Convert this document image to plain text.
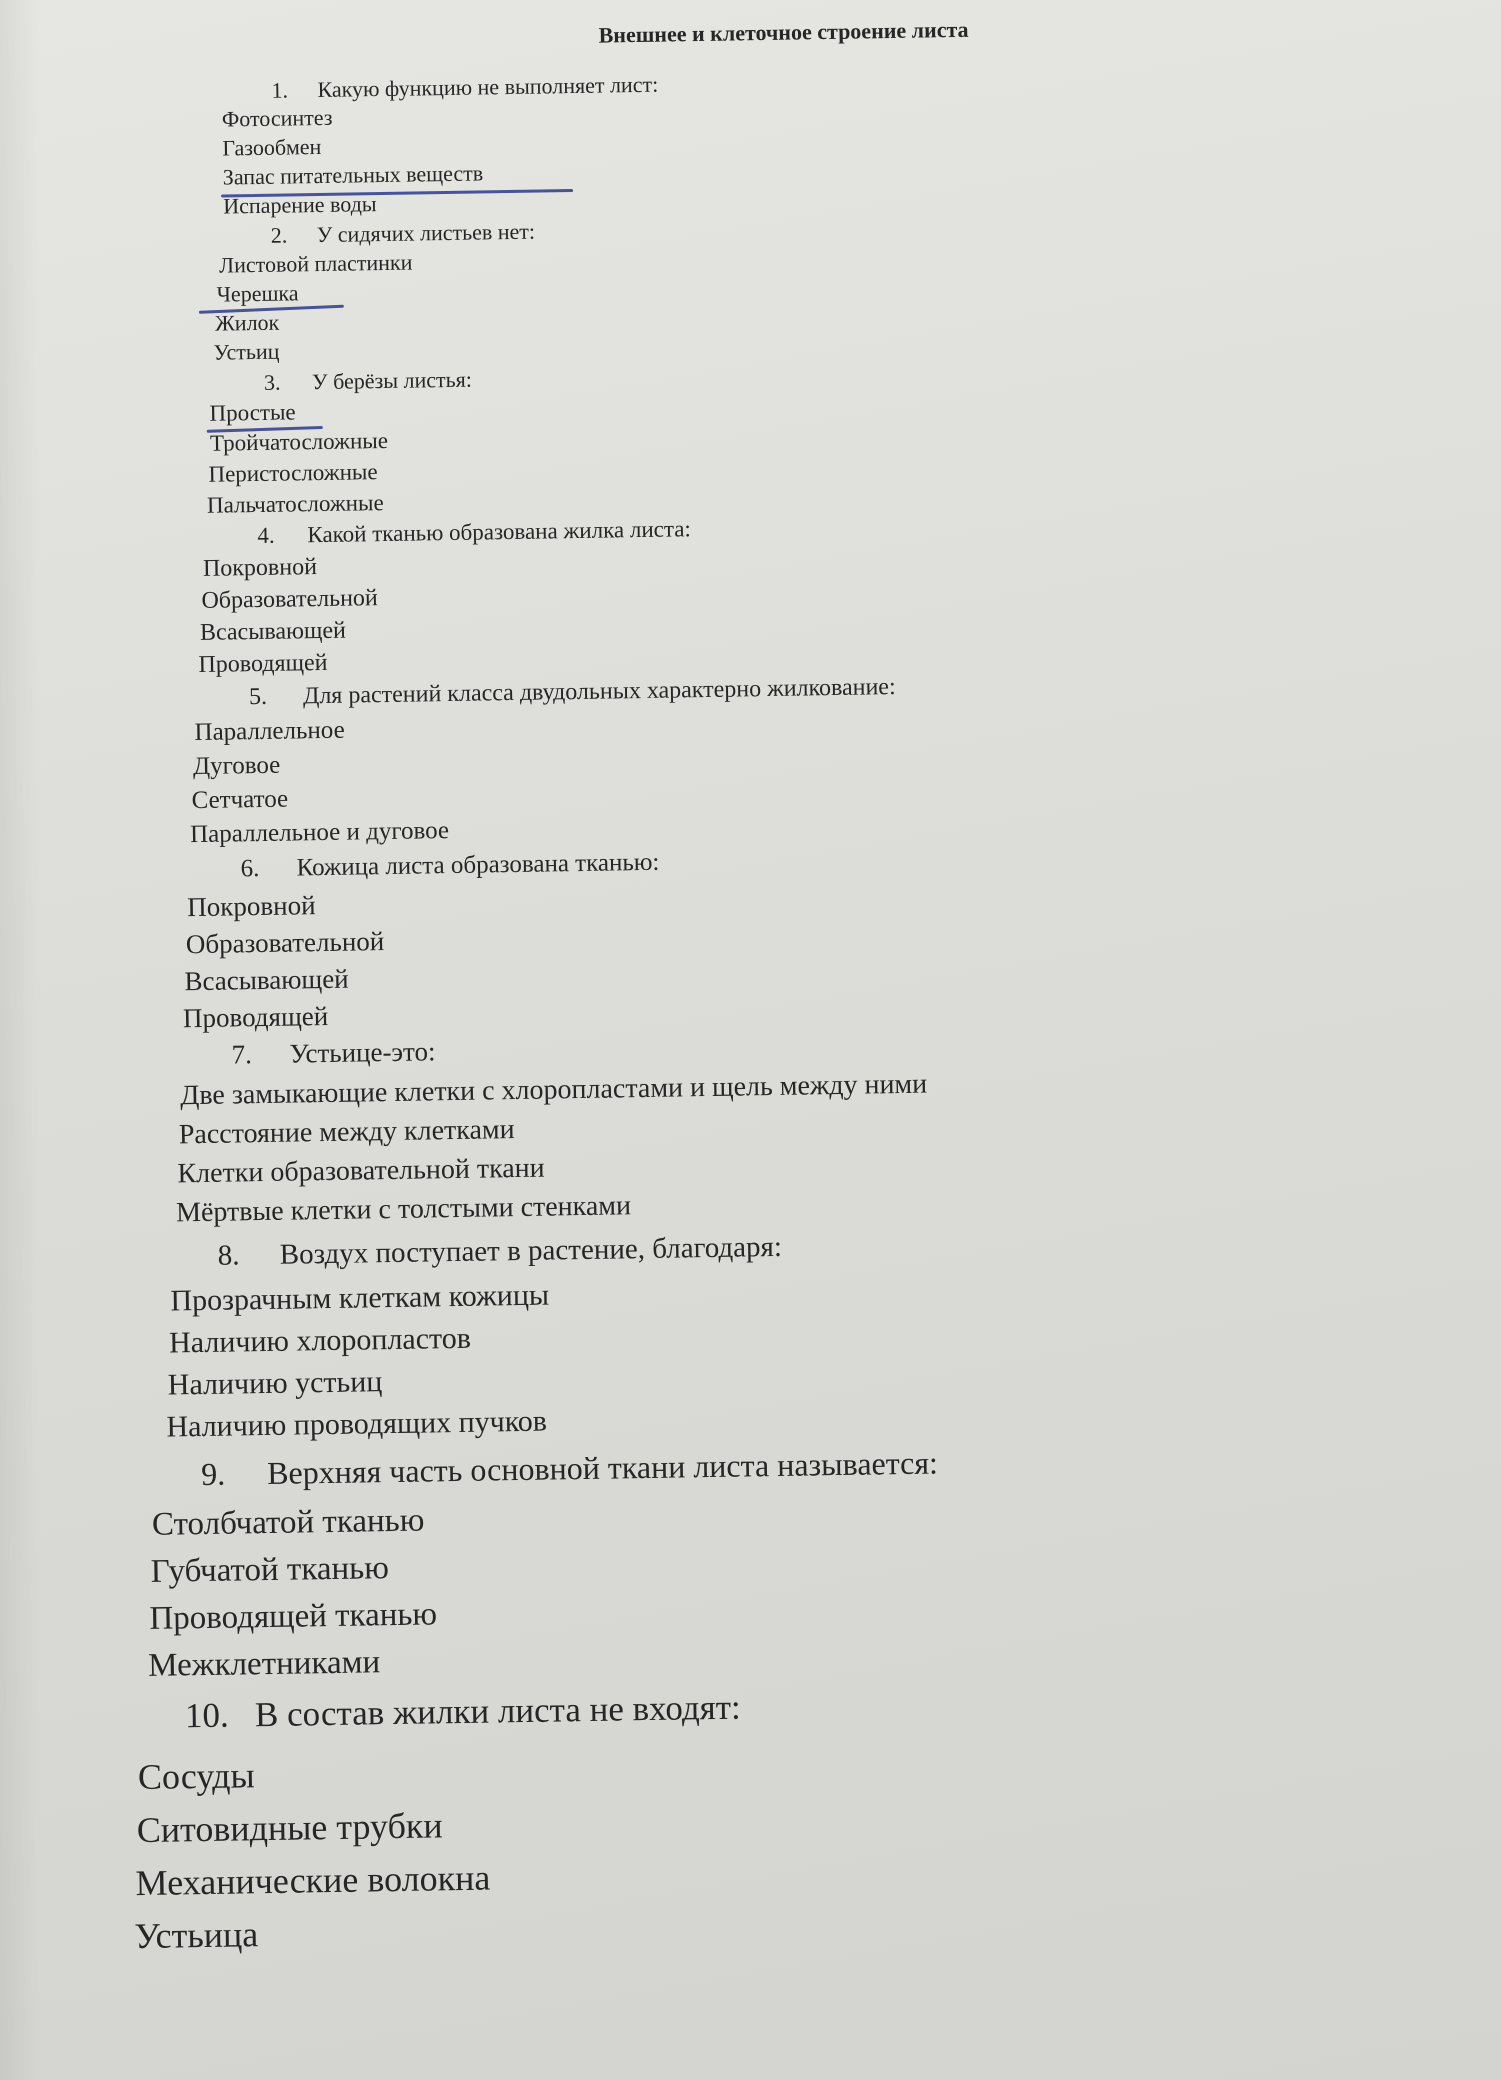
Внешнее и клеточное строение листа
1. Какую функцию не выполняет лист:
Фотосинтез
Газообмен
Запас питательных веществ
Испарение воды
2. У сидячих листьев нет:
Листовой пластинки
Черешка
Жилок
Устьиц
3. У берёзы листья:
Простые
Тройчатосложные
Перистосложные
Пальчатосложные
4. Какой тканью образована жилка листа:
Покровной
Образовательной
Всасывающей
Проводящей
5. Для растений класса двудольных характерно жилкование:
Параллельное
Дуговое
Сетчатое
Параллельное и дуговое
6. Кожица листа образована тканью:
Покровной
Образовательной
Всасывающей
Проводящей
7. Устьице-это:
Две замыкающие клетки с хлоропластами и щель между ними
Расстояние между клетками
Клетки образовательной ткани
Мёртвые клетки с толстыми стенками
8. Воздух поступает в растение, благодаря:
Прозрачным клеткам кожицы
Наличию хлоропластов
Наличию устьиц
Наличию проводящих пучков
9. Верхняя часть основной ткани листа называется:
Столбчатой тканью
Губчатой тканью
Проводящей тканью
Межклетниками
10. В состав жилки листа не входят:
Сосуды
Ситовидные трубки
Механические волокна
Устьица
